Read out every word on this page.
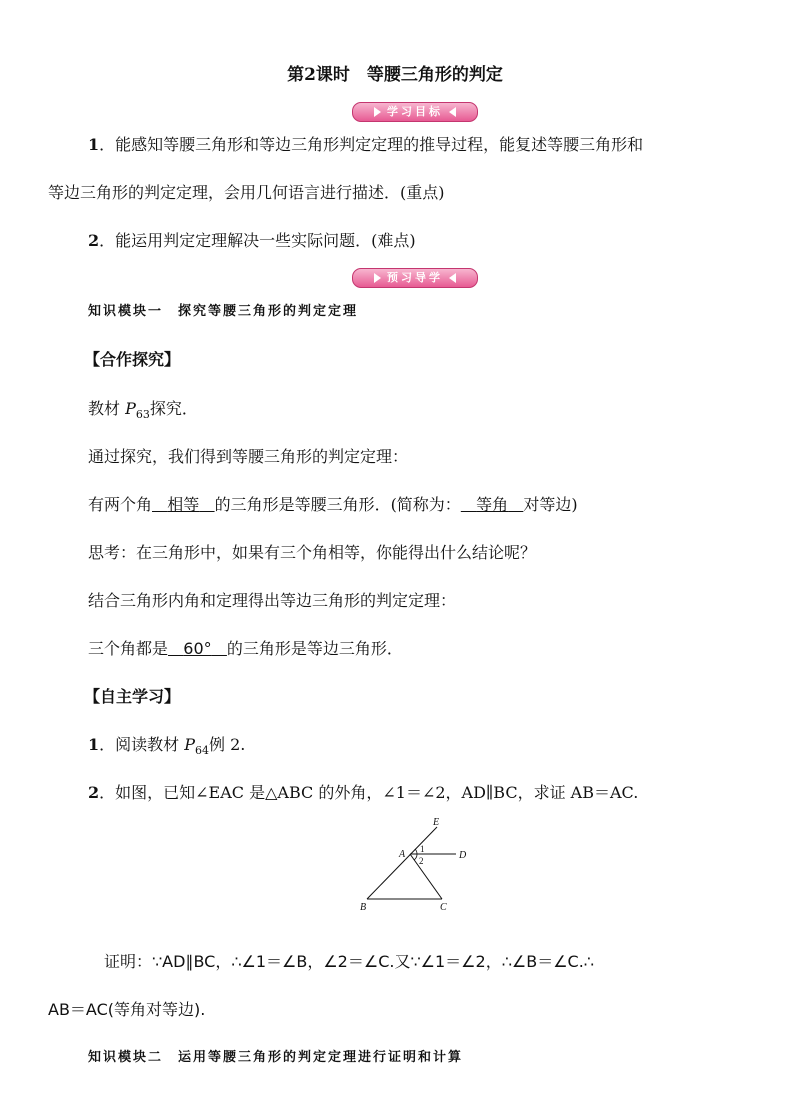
第2课时　等腰三角形的判定
学习目标
1．能感知等腰三角形和等边三角形判定定理的推导过程，能复述等腰三角形和
等边三角形的判定定理，会用几何语言进行描述．(重点)
2．能运用判定定理解决一些实际问题．(难点)
预习导学
知识模块一　探究等腰三角形的判定定理
【合作探究】
教材 $P_{63}$探究．
通过探究，我们得到等腰三角形的判定定理：
有两个角 相等 的三角形是等腰三角形．(简称为： 等角 对等边)
思考：在三角形中，如果有三个角相等，你能得出什么结论呢？
结合三角形内角和定理得出等边三角形的判定定理：
三个角都是 60° 的三角形是等边三角形．
【自主学习】
1．阅读教材 $P_{64}$例 2.
2．如图，已知∠EAC 是△ABC 的外角，∠1＝∠2，AD∥BC，求证 AB＝AC.
E
A	D
B	C
1
2
证明：∵AD∥BC，∴∠1＝∠B，∠2＝∠C.又∵∠1＝∠2，∴∠B＝∠C.∴
AB＝AC(等角对等边).
知识模块二　运用等腰三角形的判定定理进行证明和计算
